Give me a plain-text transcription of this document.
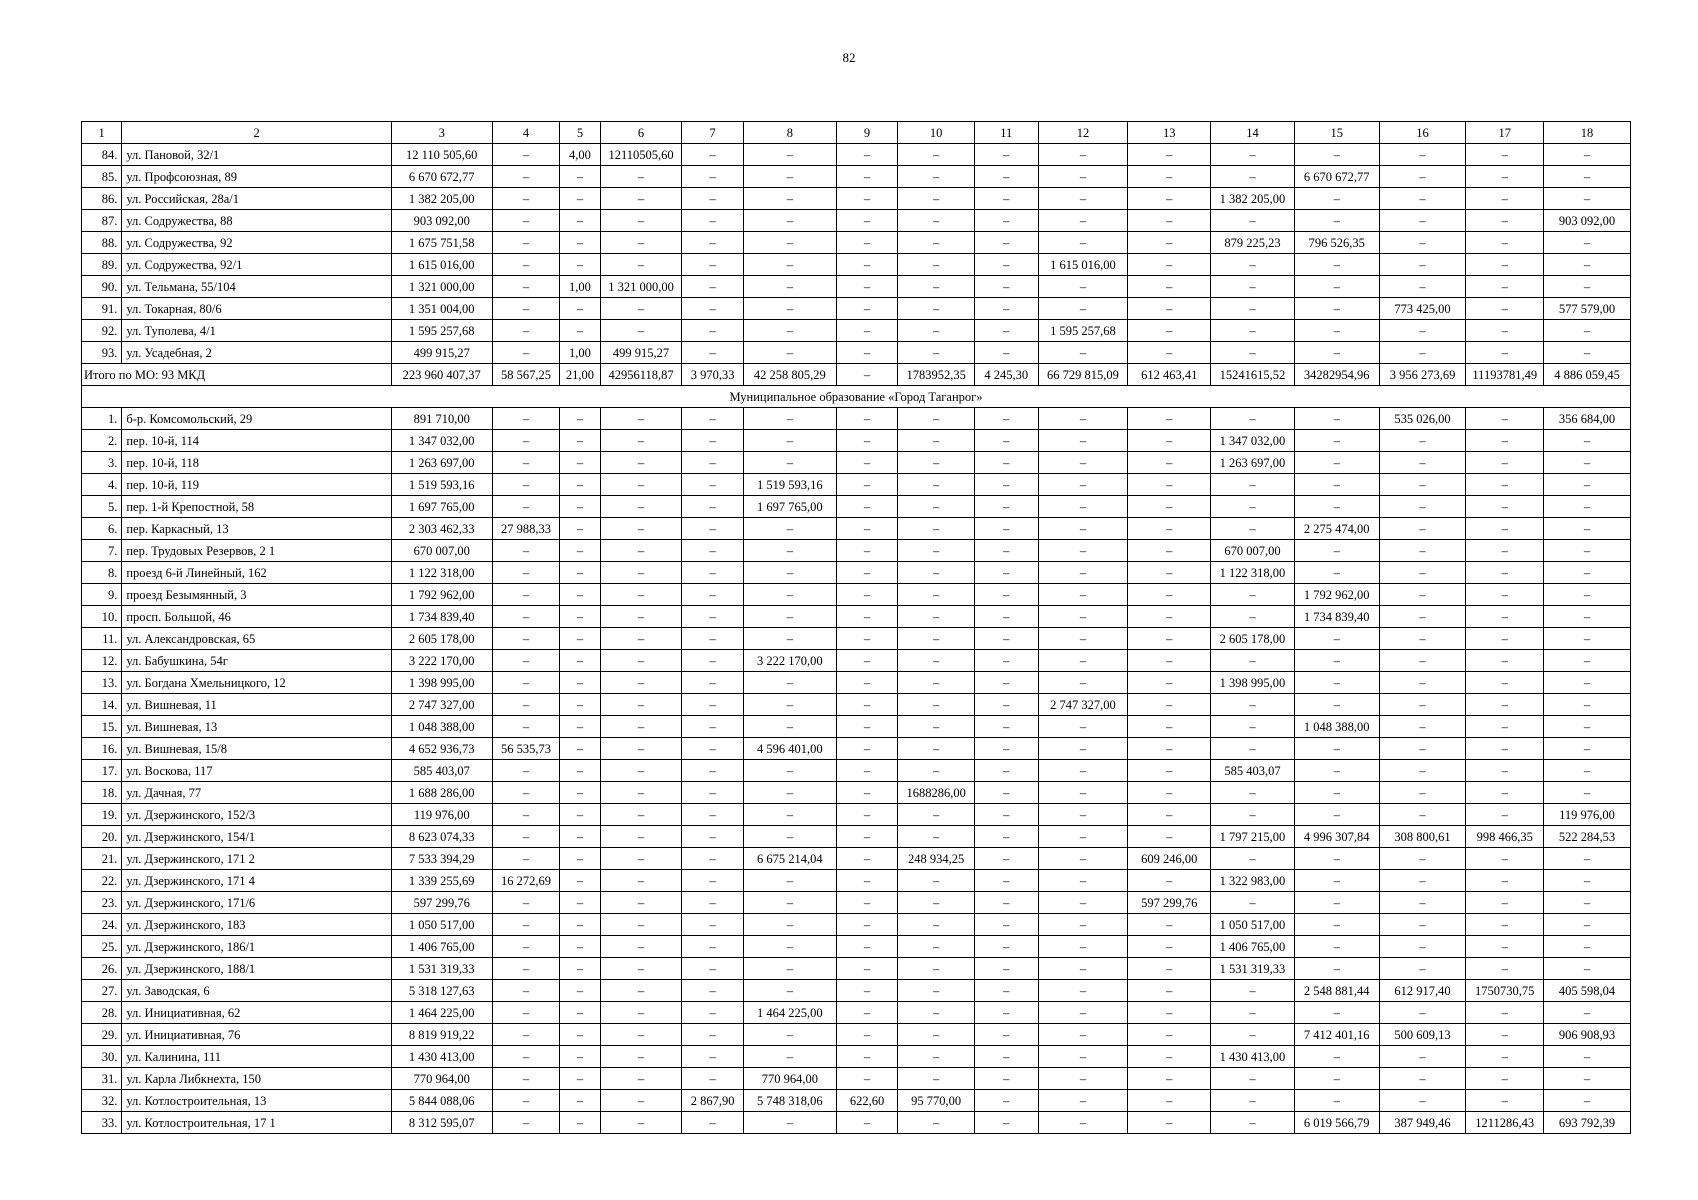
82
1	2	3	4	5	6	7	8	9	10	11	12	13	14	15	16	17	18
84.	ул. Пановой, 32/1	12 110 505,60	–	4,00	12110505,60	–	–	–	–	–	–	–	–	–	–	–	–
85.	ул. Профсоюзная, 89	6 670 672,77	–	–	–	–	–	–	–	–	–	–	–	6 670 672,77	–	–	–
86.	ул. Российская, 28а/1	1 382 205,00	–	–	–	–	–	–	–	–	–	–	1 382 205,00	–	–	–	–
87.	ул. Содружества, 88	903 092,00	–	–	–	–	–	–	–	–	–	–	–	–	–	–	903 092,00
88.	ул. Содружества, 92	1 675 751,58	–	–	–	–	–	–	–	–	–	–	879 225,23	796 526,35	–	–	–
89.	ул. Содружества, 92/1	1 615 016,00	–	–	–	–	–	–	–	–	1 615 016,00	–	–	–	–	–	–
90.	ул. Тельмана, 55/104	1 321 000,00	–	1,00	1 321 000,00	–	–	–	–	–	–	–	–	–	–	–	–
91.	ул. Токарная, 80/6	1 351 004,00	–	–	–	–	–	–	–	–	–	–	–	–	773 425,00	–	577 579,00
92.	ул. Туполева, 4/1	1 595 257,68	–	–	–	–	–	–	–	–	1 595 257,68	–	–	–	–	–	–
93.	ул. Усадебная, 2	499 915,27	–	1,00	499 915,27	–	–	–	–	–	–	–	–	–	–	–	–
Итого по МО: 93 МКД		223 960 407,37	58 567,25	21,00	42956118,87	3 970,33	42 258 805,29	–	1783952,35	4 245,30	66 729 815,09	612 463,41	15241615,52	34282954,96	3 956 273,69	11193781,49	4 886 059,45
Муниципальное образование «Город Таганрог»																	
1.	б-р. Комсомольский, 29	891 710,00	–	–	–	–	–	–	–	–	–	–	–	–	535 026,00	–	356 684,00
2.	пер. 10-й, 114	1 347 032,00	–	–	–	–	–	–	–	–	–	–	1 347 032,00	–	–	–	–
3.	пер. 10-й, 118	1 263 697,00	–	–	–	–	–	–	–	–	–	–	1 263 697,00	–	–	–	–
4.	пер. 10-й, 119	1 519 593,16	–	–	–	–	1 519 593,16	–	–	–	–	–	–	–	–	–	–
5.	пер. 1-й Крепостной, 58	1 697 765,00	–	–	–	–	1 697 765,00	–	–	–	–	–	–	–	–	–	–
6.	пер. Каркасный, 13	2 303 462,33	27 988,33	–	–	–	–	–	–	–	–	–	–	2 275 474,00	–	–	–
7.	пер. Трудовых Резервов, 2 1	670 007,00	–	–	–	–	–	–	–	–	–	–	670 007,00	–	–	–	–
8.	проезд 6-й Линейный, 162	1 122 318,00	–	–	–	–	–	–	–	–	–	–	1 122 318,00	–	–	–	–
9.	проезд Безымянный, 3	1 792 962,00	–	–	–	–	–	–	–	–	–	–	–	1 792 962,00	–	–	–
10.	просп. Большой, 46	1 734 839,40	–	–	–	–	–	–	–	–	–	–	–	1 734 839,40	–	–	–
11.	ул. Александровская, 65	2 605 178,00	–	–	–	–	–	–	–	–	–	–	2 605 178,00	–	–	–	–
12.	ул. Бабушкина, 54г	3 222 170,00	–	–	–	–	3 222 170,00	–	–	–	–	–	–	–	–	–	–
13.	ул. Богдана Хмельницкого, 12	1 398 995,00	–	–	–	–	–	–	–	–	–	–	1 398 995,00	–	–	–	–
14.	ул. Вишневая, 11	2 747 327,00	–	–	–	–	–	–	–	–	2 747 327,00	–	–	–	–	–	–
15.	ул. Вишневая, 13	1 048 388,00	–	–	–	–	–	–	–	–	–	–	–	1 048 388,00	–	–	–
16.	ул. Вишневая, 15/8	4 652 936,73	56 535,73	–	–	–	4 596 401,00	–	–	–	–	–	–	–	–	–	–
17.	ул. Воскова, 117	585 403,07	–	–	–	–	–	–	–	–	–	–	585 403,07	–	–	–	–
18.	ул. Дачная, 77	1 688 286,00	–	–	–	–	–	–	1688286,00	–	–	–	–	–	–	–	–
19.	ул. Дзержинского, 152/3	119 976,00	–	–	–	–	–	–	–	–	–	–	–	–	–	–	119 976,00
20.	ул. Дзержинского, 154/1	8 623 074,33	–	–	–	–	–	–	–	–	–	–	1 797 215,00	4 996 307,84	308 800,61	998 466,35	522 284,53
21.	ул. Дзержинского, 171 2	7 533 394,29	–	–	–	–	6 675 214,04	–	248 934,25	–	–	609 246,00	–	–	–	–	–
22.	ул. Дзержинского, 171 4	1 339 255,69	16 272,69	–	–	–	–	–	–	–	–	–	1 322 983,00	–	–	–	–
23.	ул. Дзержинского, 171/6	597 299,76	–	–	–	–	–	–	–	–	–	597 299,76	–	–	–	–	–
24.	ул. Дзержинского, 183	1 050 517,00	–	–	–	–	–	–	–	–	–	–	1 050 517,00	–	–	–	–
25.	ул. Дзержинского, 186/1	1 406 765,00	–	–	–	–	–	–	–	–	–	–	1 406 765,00	–	–	–	–
26.	ул. Дзержинского, 188/1	1 531 319,33	–	–	–	–	–	–	–	–	–	–	1 531 319,33	–	–	–	–
27.	ул. Заводская, 6	5 318 127,63	–	–	–	–	–	–	–	–	–	–	–	2 548 881,44	612 917,40	1750730,75	405 598,04
28.	ул. Инициативная, 62	1 464 225,00	–	–	–	–	1 464 225,00	–	–	–	–	–	–	–	–	–	–
29.	ул. Инициативная, 76	8 819 919,22	–	–	–	–	–	–	–	–	–	–	–	7 412 401,16	500 609,13	–	906 908,93
30.	ул. Калинина, 111	1 430 413,00	–	–	–	–	–	–	–	–	–	–	1 430 413,00	–	–	–	–
31.	ул. Карла Либкнехта, 150	770 964,00	–	–	–	–	770 964,00	–	–	–	–	–	–	–	–	–	–
32.	ул. Котлостроительная, 13	5 844 088,06	–	–	–	2 867,90	5 748 318,06	622,60	95 770,00	–	–	–	–	–	–	–	–
33.	ул. Котлостроительная, 17 1	8 312 595,07	–	–	–	–	–	–	–	–	–	–	–	6 019 566,79	387 949,46	1211286,43	693 792,39
